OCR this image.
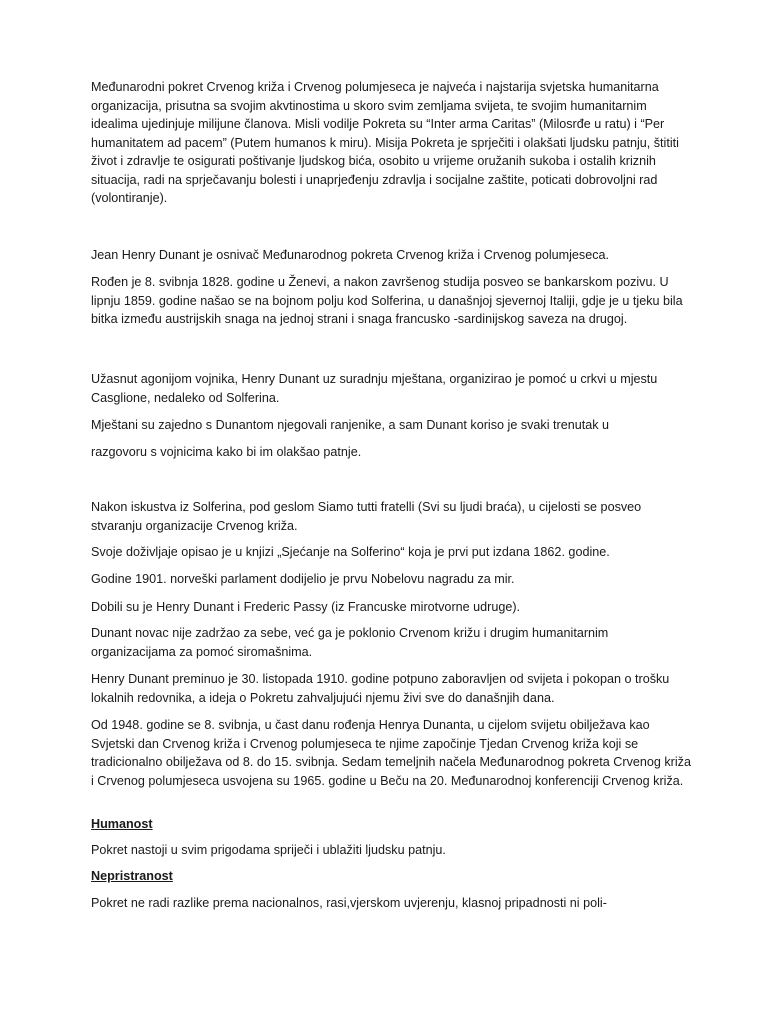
Međunarodni pokret Crvenog križa i Crvenog polumjeseca je najveća i najstarija svjetska humanitarna organizacija, prisutna sa svojim akvtinostima u skoro svim zemljama svijeta, te svojim humanitarnim idealima ujedinjuje milijune članova. Misli vodilje Pokreta su “Inter arma Caritas” (Milosrđe u ratu) i “Per humanitatem ad pacem” (Putem humanos k miru). Misija Pokreta je sprječiti i olakšati ljudsku patnju, štititi život i zdravlje te osigurati poštivanje ljudskog bića, osobito u vrijeme oružanih sukoba i ostalih kriznih situacija, radi na sprječavanju bolesti i unaprjeđenju zdravlja i socijalne zaštite, poticati dobrovoljni rad (volontiranje).

Jean Henry Dunant je osnivač Međunarodnog pokreta Crvenog križa i Crvenog polumjeseca.

Rođen je 8. svibnja 1828. godine u Ženevi, a nakon završenog studija posveo se bankarskom pozivu. U lipnju 1859. godine našao se na bojnom polju kod Solferina, u današnjoj sjevernoj Italiji, gdje je u tjeku bila bitka između austrijskih snaga na jednoj strani i snaga francusko -sardinijskog saveza na drugoj.

Užasnut agonijom vojnika, Henry Dunant uz suradnju mještana, organizirao je pomoć u crkvi u mjestu Casglione, nedaleko od Solferina.

Mještani su zajedno s Dunantom njegovali ranjenike, a sam Dunant koriso je svaki trenutak u

razgovoru s vojnicima kako bi im olakšao patnje.

Nakon iskustva iz Solferina, pod geslom Siamo tutti fratelli (Svi su ljudi braća), u cijelosti se posveo stvaranju organizacije Crvenog križa.

Svoje doživljaje opisao je u knjizi „Sjećanje na Solferino“ koja je prvi put izdana 1862. godine.

Godine 1901. norveški parlament dodijelio je prvu Nobelovu nagradu za mir.

Dobili su je Henry Dunant i Frederic Passy (iz Francuske mirotvorne udruge).

Dunant novac nije zadržao za sebe, već ga je poklonio Crvenom križu i drugim humanitarnim organizacijama za pomoć siromašnima.

Henry Dunant preminuo je 30. listopada 1910. godine potpuno zaboravljen od svijeta i pokopan o trošku lokalnih redovnika, a ideja o Pokretu zahvaljujući njemu živi sve do današnjih dana.

Od 1948. godine se 8. svibnja, u čast danu rođenja Henrya Dunanta, u cijelom svijetu obilježava kao Svjetski dan Crvenog križa i Crvenog polumjeseca te njime započinje Tjedan Crvenog križa koji se tradicionalno obilježava od 8. do 15. svibnja. Sedam temeljnih načela Međunarodnog pokreta Crvenog križa i Crvenog polumjeseca usvojena su 1965. godine u Beču na 20. Međunarodnoj konferenciji Crvenog križa.

Humanost

Pokret nastoji u svim prigodama spriječi i ublažiti ljudsku patnju.

Nepristranost

Pokret ne radi razlike prema nacionalnos, rasi,vjerskom uvjerenju, klasnoj pripadnosti ni poli-
